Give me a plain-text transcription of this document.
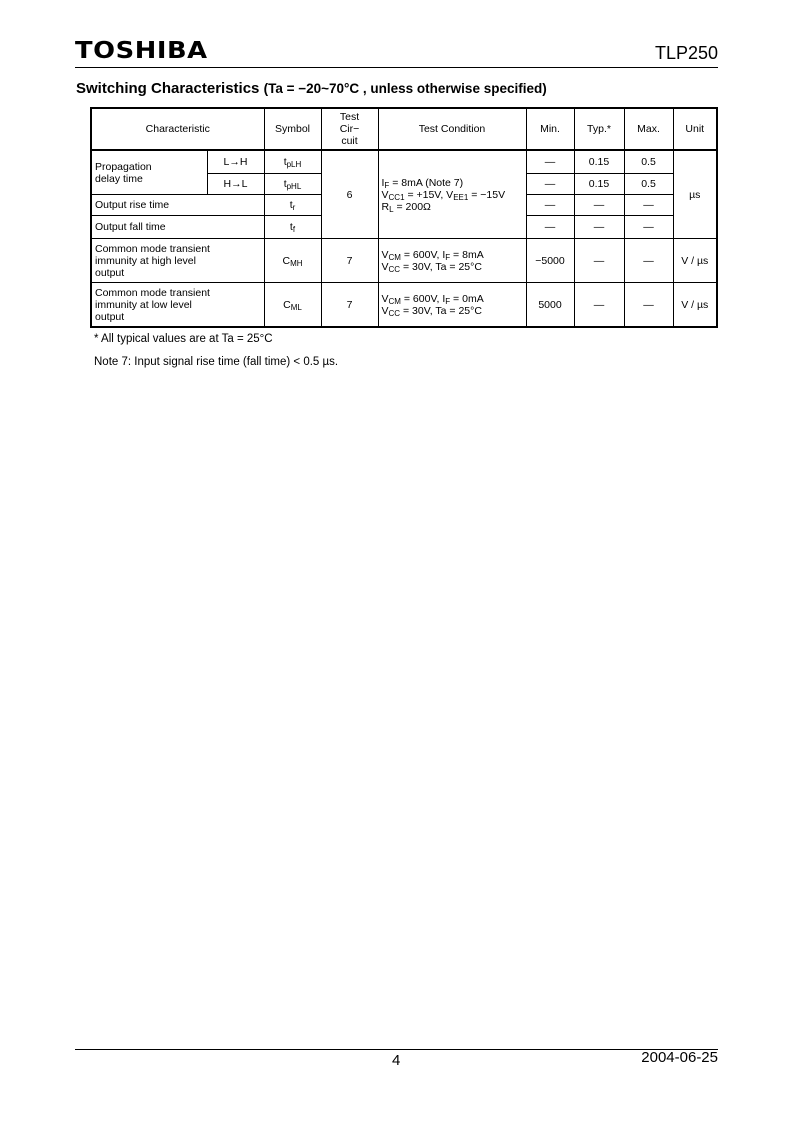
TOSHIBA	TLP250
Switching Characteristics (Ta = −20~70°C , unless otherwise specified)
Characteristic		Symbol	Test
Cir−
cuit	Test Condition	Min.	Typ.*	Max.	Unit
Propagation
delay time	L→H	$t_{pLH}$	6	$I_F = 8mA$ (Note 7)
$V_{CC1} = +15V$, $V_{EE1} = -15V$
$R_L = 200\Omega$	—	0.15	0.5	µs
	H→L	$t_{pHL}$			—	0.15	0.5	
Output rise time		$t_r$			—	—	—	
Output fall time		$t_f$			—	—	—	
Common mode transient
immunity at high level
output		$C_{MH}$	7	$V_{CM} = 600V$, $I_F = 8mA$
$V_{CC} = 30V$, Ta = 25°C	−5000	—	—	V / µs
Common mode transient
immunity at low level
output		$C_{ML}$	7	$V_{CM} = 600V$, $I_F = 0mA$
$V_{CC} = 30V$, Ta = 25°C	5000	—	—	V / µs
* All typical values are at Ta = 25°C
Note 7: Input signal rise time (fall time) < 0.5 µs.
4	2004-06-25
